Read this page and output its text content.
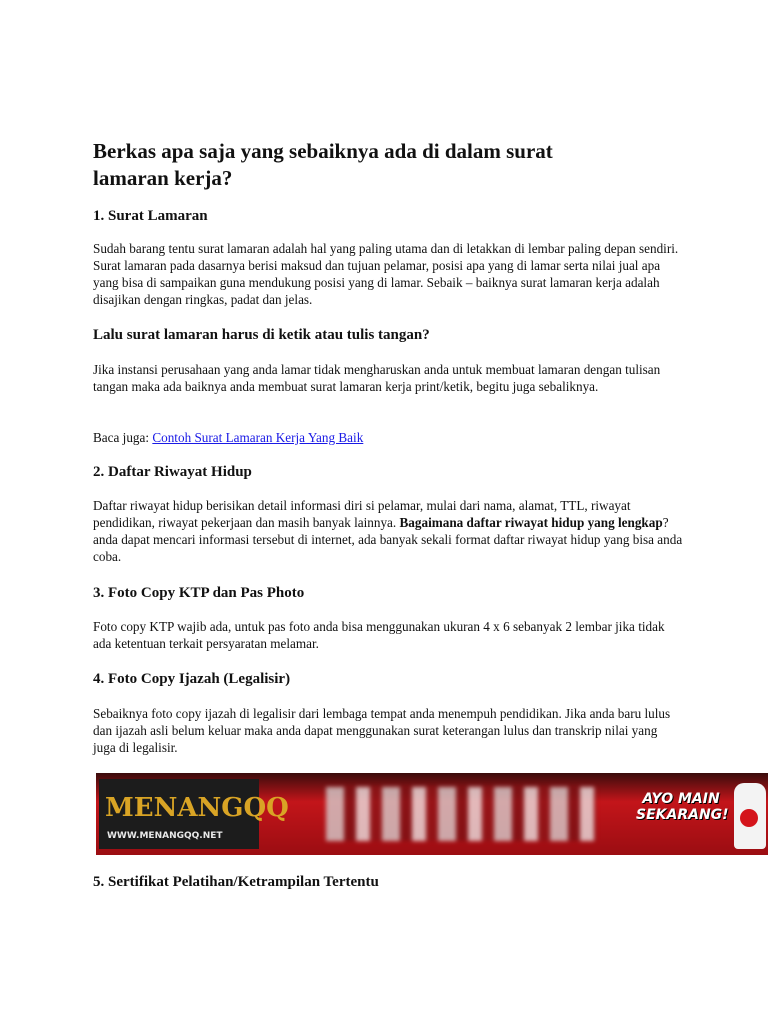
Berkas apa saja yang sebaiknya ada di dalam surat lamaran kerja?
1. Surat Lamaran

Sudah barang tentu surat lamaran adalah hal yang paling utama dan di letakkan di lembar paling depan sendiri. Surat lamaran pada dasarnya berisi maksud dan tujuan pelamar, posisi apa yang di lamar serta nilai jual apa yang bisa di sampaikan guna mendukung posisi yang di lamar. Sebaik – baiknya surat lamaran kerja adalah disajikan dengan ringkas, padat dan jelas.

Lalu surat lamaran harus di ketik atau tulis tangan?

Jika instansi perusahaan yang anda lamar tidak mengharuskan anda untuk membuat lamaran dengan tulisan tangan maka ada baiknya anda membuat surat lamaran kerja print/ketik, begitu juga sebaliknya.

Baca juga: Contoh Surat Lamaran Kerja Yang Baik

2. Daftar Riwayat Hidup

Daftar riwayat hidup berisikan detail informasi diri si pelamar, mulai dari nama, alamat, TTL, riwayat pendidikan, riwayat pekerjaan dan masih banyak lainnya. Bagaimana daftar riwayat hidup yang lengkap? anda dapat mencari informasi tersebut di internet, ada banyak sekali format daftar riwayat hidup yang bisa anda coba.

3. Foto Copy KTP dan Pas Photo

Foto copy KTP wajib ada, untuk pas foto anda bisa menggunakan ukuran 4 x 6 sebanyak 2 lembar jika tidak ada ketentuan terkait persyaratan melamar.

4. Foto Copy Ijazah (Legalisir)

Sebaiknya foto copy ijazah di legalisir dari lembaga tempat anda menempuh pendidikan. Jika anda baru lulus dan ijazah asli belum keluar maka anda dapat menggunakan surat keterangan lulus dan transkrip nilai yang juga di legalisir.

MENANGQQ
WWW.MENANGQQ.NET
AYO MAIN SEKARANG!
5. Sertifikat Pelatihan/Ketrampilan Tertentu
